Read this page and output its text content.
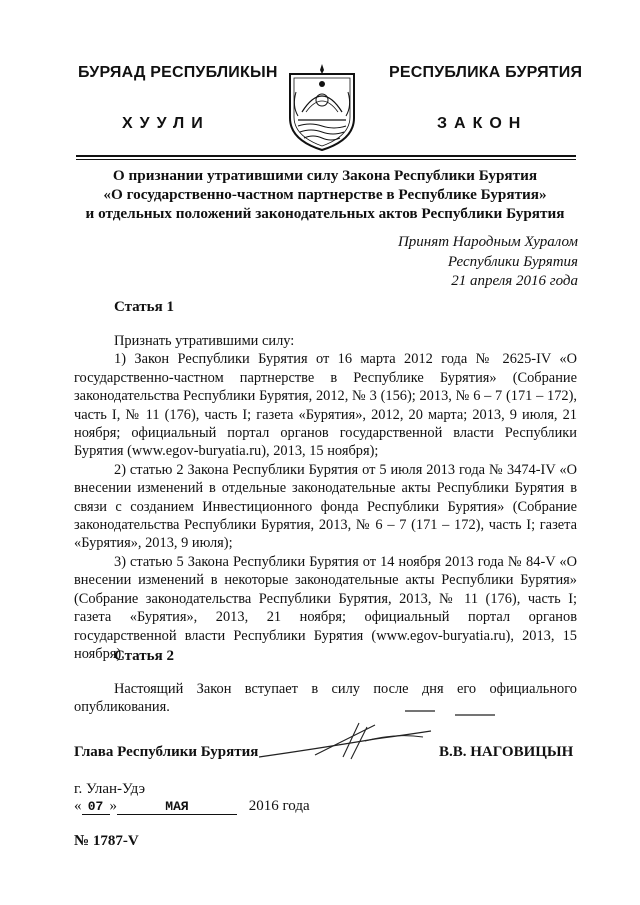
БУРЯАД РЕСПУБЛИКЫН	РЕСПУБЛИКА БУРЯТИЯ
ХУУЛИ	ЗАКОН
О признании утратившими силу Закона Республики Бурятия
«О государственно-частном партнерстве в Республике Бурятия»
и отдельных положений законодательных актов Республики Бурятия
Принят Народным Хуралом
Республики Бурятия
21 апреля 2016 года
Статья 1

Признать утратившими силу:

1) Закон Республики Бурятия от 16 марта 2012 года № 2625-IV «О государственно-частном партнерстве в Республике Бурятия» (Собрание законодательства Республики Бурятия, 2012, № 3 (156); 2013, № 6 – 7 (171 – 172), часть I, № 11 (176), часть I; газета «Бурятия», 2012, 20 марта; 2013, 9 июля, 21 ноября; официальный портал органов государственной власти Республики Бурятия (www.egov-buryatia.ru), 2013, 15 ноября);

2) статью 2 Закона Республики Бурятия от 5 июля 2013 года № 3474-IV «О внесении изменений в отдельные законодательные акты Республики Бурятия в связи с созданием Инвестиционного фонда Республики Бурятия» (Собрание законодательства Республики Бурятия, 2013, № 6 – 7 (171 – 172), часть I; газета «Бурятия», 2013, 9 июля);

3) статью 5 Закона Республики Бурятия от 14 ноября 2013 года № 84-V «О внесении изменений в некоторые законодательные акты Республики Бурятия» (Собрание законодательства Республики Бурятия, 2013, № 11 (176), часть I; газета «Бурятия», 2013, 21 ноября; официальный портал органов государственной власти Республики Бурятия (www.egov-buryatia.ru), 2013, 15 ноября).

Статья 2

Настоящий Закон вступает в силу после дня его официального опубликования.

Глава Республики Бурятия	В.В. НАГОВИЦЫН
г. Улан-Удэ
« 07 »	МАЯ	2016 года
№ 1787-V
